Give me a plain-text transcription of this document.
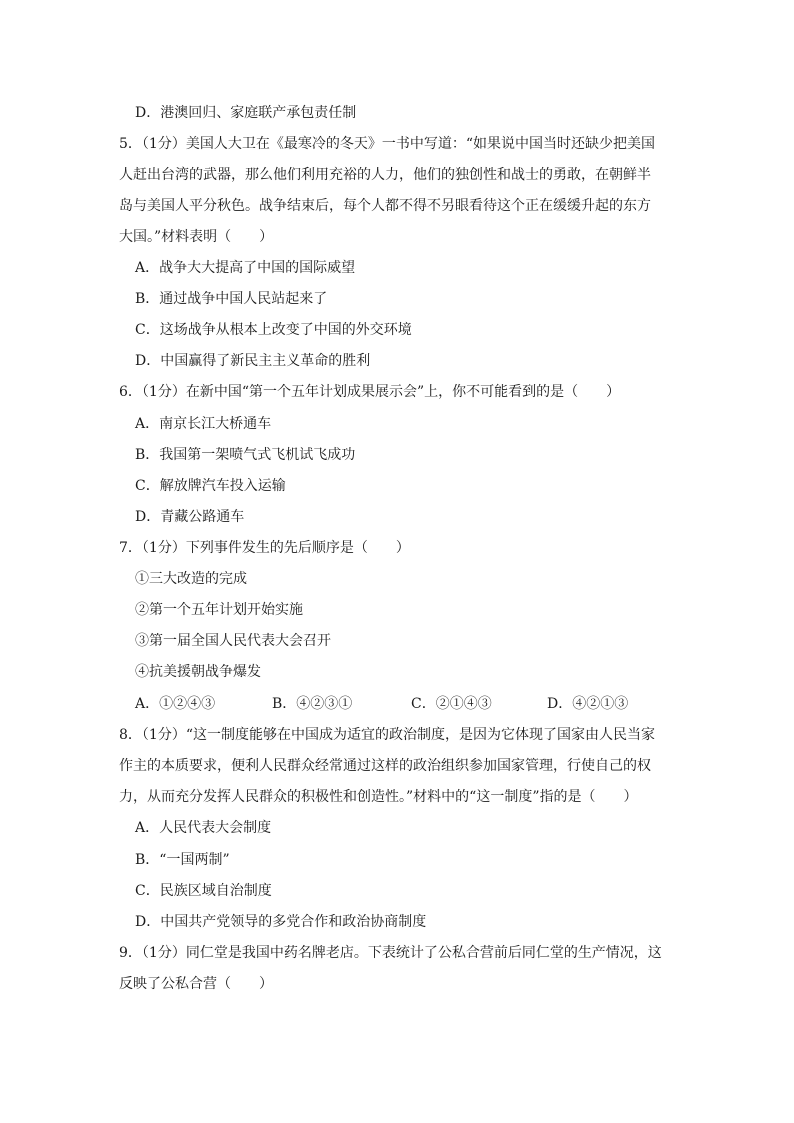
D．港澳回归、家庭联产承包责任制
5．（1分）美国人大卫在《最寒冷的冬天》一书中写道：“如果说中国当时还缺少把美国
人赶出台湾的武器，那么他们利用充裕的人力，他们的独创性和战士的勇敢，在朝鲜半
岛与美国人平分秋色。战争结束后，每个人都不得不另眼看待这个正在缓缓升起的东方
大国。”材料表明（　　）
A．战争大大提高了中国的国际威望
B．通过战争中国人民站起来了
C．这场战争从根本上改变了中国的外交环境
D．中国赢得了新民主主义革命的胜利
6．（1分）在新中国“第一个五年计划成果展示会”上，你不可能看到的是（　　）
A．南京长江大桥通车
B．我国第一架喷气式飞机试飞成功
C．解放牌汽车投入运输
D．青藏公路通车
7．（1分）下列事件发生的先后顺序是（　　）
①三大改造的完成
②第一个五年计划开始实施
③第一届全国人民代表大会召开
④抗美援朝战争爆发
A．①②④③	B．④②③①	C．②①④③	D．④②①③
8．（1分）“这一制度能够在中国成为适宜的政治制度，是因为它体现了国家由人民当家
作主的本质要求，便利人民群众经常通过这样的政治组织参加国家管理，行使自己的权
力，从而充分发挥人民群众的积极性和创造性。”材料中的“这一制度”指的是（　　）
A．人民代表大会制度
B．“一国两制”
C．民族区域自治制度
D．中国共产党领导的多党合作和政治协商制度
9．（1分）同仁堂是我国中药名牌老店。下表统计了公私合营前后同仁堂的生产情况，这
反映了公私合营（　　）
